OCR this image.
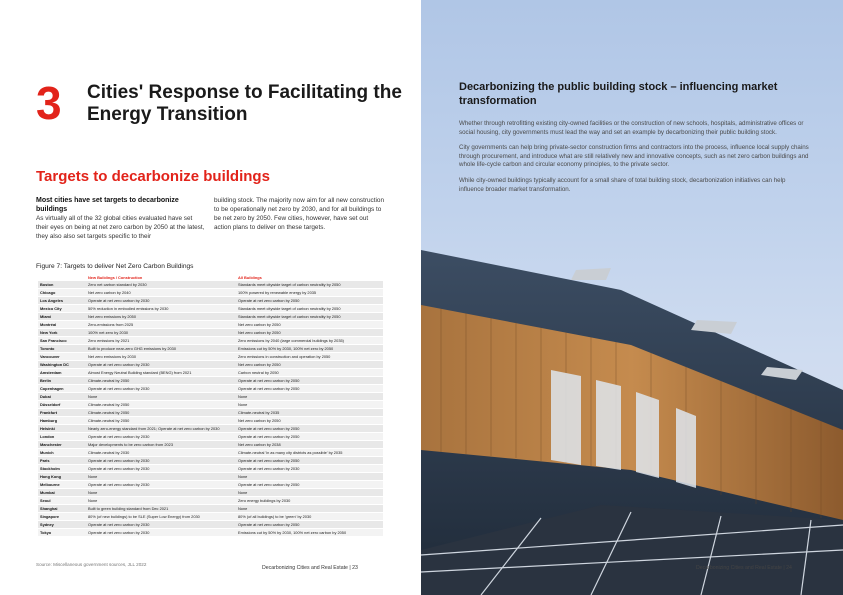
3 Cities' Response to Facilitating the Energy Transition
Targets to decarbonize buildings
Most cities have set targets to decarbonize buildings
As virtually all of the 32 global cities evaluated have set their eyes on being at net zero carbon by 2050 at the latest, they also also set targets specific to their
building stock. The majority now aim for all new construction to be operationally net zero by 2030, and for all buildings to be net zero by 2050. Few cities, however, have set out action plans to deliver on these targets.
Figure 7: Targets to deliver Net Zero Carbon Buildings
	New Buildings / Construction	All Buildings
Boston	Zero net carbon standard by 2030	Standards meet citywide target of carbon neutrality by 2050
Chicago	Net zero carbon by 2040	100% powered by renewable energy by 2035
Los Angeles	Operate at net zero carbon by 2030	Operate at net zero carbon by 2050
Mexico City	50% reduction in embodied emissions by 2030	Standards meet citywide target of carbon neutrality by 2050
Miami	Net zero emissions by 2050	Standards meet citywide target of carbon neutrality by 2050
Montréal	Zero-emissions from 2025	Net zero carbon by 2050
New York	100% net zero by 2030	Net zero carbon by 2050
San Francisco	Zero emissions by 2021	Zero emissions by 2040 (large commercial buildings by 2035)
Toronto	Built to produce near-zero GHG emissions by 2030	Emissions cut by 50% by 2030, 100% net zero by 2050
Vancouver	Net zero emissions by 2030	Zero emissions in construction and operation by 2050
Washington DC	Operate at net zero carbon by 2030	Net zero carbon by 2050
Amsterdam	Almost Energy Neutral Building standard (BENG) from 2021	Carbon neutral by 2050
Berlin	Climate-neutral by 2050	Operate at net zero carbon by 2050
Copenhagen	Operate at net zero carbon by 2030	Operate at net zero carbon by 2050
Dubai	None	None
Düsseldorf	Climate-neutral by 2050	None
Frankfurt	Climate-neutral by 2050	Climate-neutral by 2035
Hamburg	Climate-neutral by 2050	Net zero carbon by 2050
Helsinki	Nearly zero-energy standard from 2021; Operate at net zero carbon by 2030	Operate at net zero carbon by 2050
London	Operate at net zero carbon by 2030	Operate at net zero carbon by 2050
Manchester	Major developments to be zero carbon from 2023	Net zero carbon by 2038
Munich	Climate-neutral by 2030	Climate-neutral 'in as many city districts as possible' by 2035
Paris	Operate at net zero carbon by 2030	Operate at net zero carbon by 2050
Stockholm	Operate at net zero carbon by 2030	Operate at net zero carbon by 2030
Hong Kong	None	None
Melbourne	Operate at net zero carbon by 2030	Operate at net zero carbon by 2050
Mumbai	None	None
Seoul	None	Zero energy buildings by 2030
Shanghai	Built to green building standard from Dec 2021	None
Singapore	80% (of new buildings) to be SLE (Super Low Energy) from 2030	80% (of all buildings) to be 'green' by 2030
Sydney	Operate at net zero carbon by 2030	Operate at net zero carbon by 2050
Tokyo	Operate at net zero carbon by 2030	Emissions cut by 50% by 2030, 100% net zero carbon by 2050
Source: Miscellaneous government sources, JLL 2022
Decarbonizing Cities and Real Estate | 23
Decarbonizing the public building stock – influencing market transformation

Whether through retrofitting existing city-owned facilities or the construction of new schools, hospitals, administrative offices or social housing, city governments must lead the way and set an example by decarbonizing their public building stock.

City governments can help bring private-sector construction firms and contractors into the process, influence local supply chains through procurement, and introduce what are still relatively new and innovative concepts, such as net zero carbon buildings and whole life-cycle carbon and circular economy principles, to the private sector.

While city-owned buildings typically account for a small share of total building stock, decarbonization initiatives can help influence broader market transformation.

Decarbonizing Cities and Real Estate | 24
